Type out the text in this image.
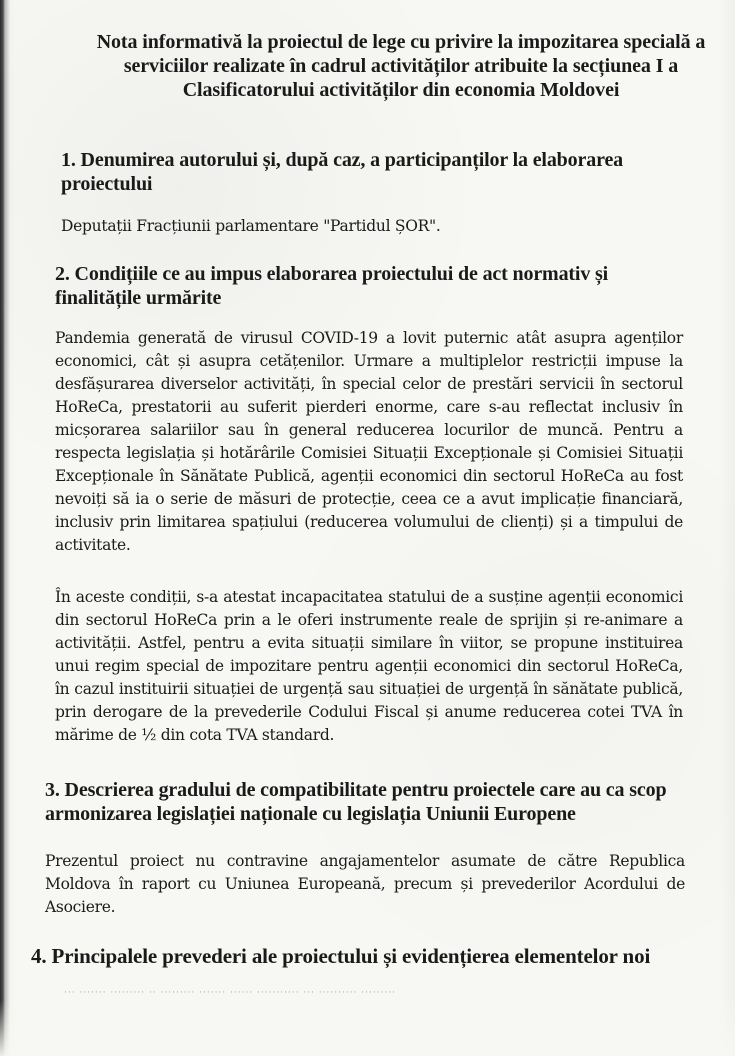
Nota informativă la proiectul de lege cu privire la impozitarea specială a serviciilor realizate în cadrul activităților atribuite la secțiunea I a Clasificatorului activităților din economia Moldovei
1. Denumirea autorului și, după caz, a participanților la elaborarea proiectului

Deputații Fracțiunii parlamentare "Partidul ȘOR".

2. Condițiile ce au impus elaborarea proiectului de act normativ și finalitățile urmărite

Pandemia generată de virusul COVID-19 a lovit puternic atât asupra agenților economici, cât și asupra cetățenilor. Urmare a multiplelor restricții impuse la desfășurarea diverselor activități, în special celor de prestări servicii în sectorul HoReCa, prestatorii au suferit pierderi enorme, care s-au reflectat inclusiv în micșorarea salariilor sau în general reducerea locurilor de muncă. Pentru a respecta legislația și hotărârile Comisiei Situații Excepționale și Comisiei Situații Excepționale în Sănătate Publică, agenții economici din sectorul HoReCa au fost nevoiți să ia o serie de măsuri de protecție, ceea ce a avut implicație financiară, inclusiv prin limitarea spațiului (reducerea volumului de clienți) și a timpului de activitate.

În aceste condiții, s-a atestat incapacitatea statului de a susține agenții economici din sectorul HoReCa prin a le oferi instrumente reale de sprijin și re-animare a activității. Astfel, pentru a evita situații similare în viitor, se propune instituirea unui regim special de impozitare pentru agenții economici din sectorul HoReCa, în cazul instituirii situației de urgență sau situației de urgență în sănătate publică, prin derogare de la prevederile Codului Fiscal și anume reducerea cotei TVA în mărime de ½ din cota TVA standard.

3. Descrierea gradului de compatibilitate pentru proiectele care au ca scop armonizarea legislației naționale cu legislația Uniunii Europene

Prezentul proiect nu contravine angajamentelor asumate de către Republica Moldova în raport cu Uniunea Europeană, precum și prevederilor Acordului de Asociere.

4. Principalele prevederi ale proiectului și evidențierea elementelor noi
··· ······· ········· ·· ········· ······· ······ ··········· ··· ·········· ·········
